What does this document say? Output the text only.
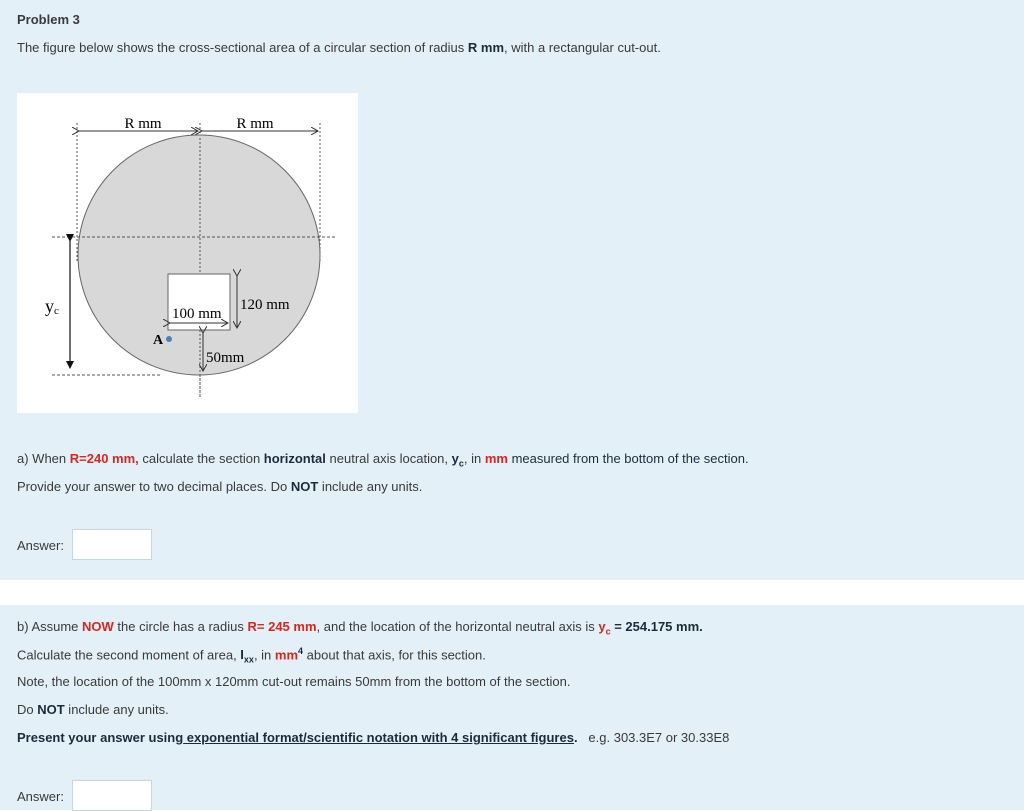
Problem 3
The figure below shows the cross-sectional area of a circular section of radius R mm, with a rectangular cut-out.
R mm	R mm
yc	120 mm
100 mm
50mm
A
a) When R=240 mm, calculate the section horizontal neutral axis location, $y_c$, in mm measured from the bottom of the section.
Provide your answer to two decimal places. Do NOT include any units.
Answer:
b) Assume NOW the circle has a radius R= 245 mm, and the location of the horizontal neutral axis is $y_c = 254.175$ mm.
Calculate the second moment of area, $I_{xx}$, in $mm^4$ about that axis, for this section.
Note, the location of the 100mm x 120mm cut-out remains 50mm from the bottom of the section.
Do NOT include any units.
Present your answer using exponential format/scientific notation with 4 significant figures.   e.g. 303.3E7 or 30.33E8
Answer:
